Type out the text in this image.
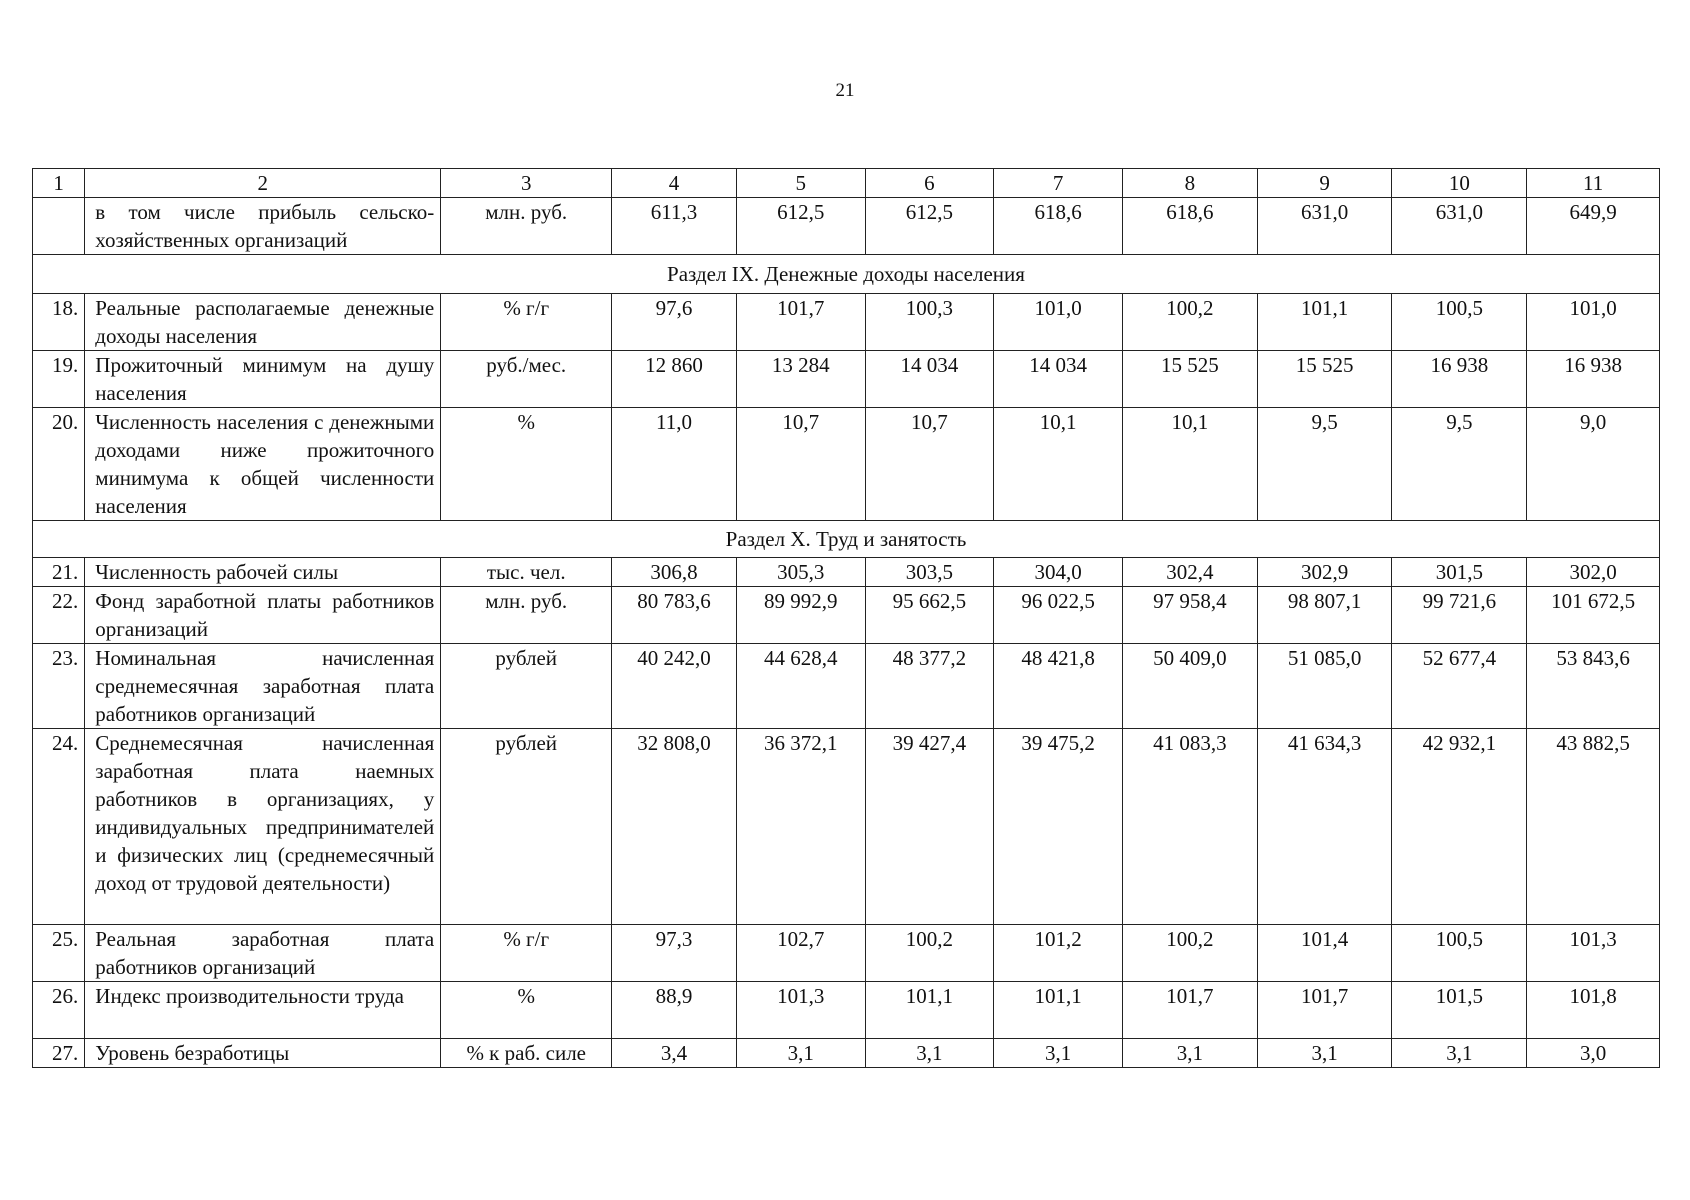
21
1	2	3	4	5	6	7	8	9	10	11
	в том числе прибыль сельско-хозяйственных организаций	млн. руб.	611,3	612,5	612,5	618,6	618,6	631,0	631,0	649,9
Раздел IX. Денежные доходы населения										
18.	Реальные располагаемые денежные доходы населения	% г/г	97,6	101,7	100,3	101,0	100,2	101,1	100,5	101,0
19.	Прожиточный минимум на душу населения	руб./мес.	12 860	13 284	14 034	14 034	15 525	15 525	16 938	16 938
20.	Численность населения с денежными доходами ниже прожиточного минимума к общей численности населения	%	11,0	10,7	10,7	10,1	10,1	9,5	9,5	9,0
Раздел X. Труд и занятость										
21.	Численность рабочей силы	тыс. чел.	306,8	305,3	303,5	304,0	302,4	302,9	301,5	302,0
22.	Фонд заработной платы работников организаций	млн. руб.	80 783,6	89 992,9	95 662,5	96 022,5	97 958,4	98 807,1	99 721,6	101 672,5
23.	Номинальная начисленная среднемесячная заработная плата работников организаций	рублей	40 242,0	44 628,4	48 377,2	48 421,8	50 409,0	51 085,0	52 677,4	53 843,6
24.	Среднемесячная начисленная заработная плата наемных работников в организациях, у индивидуальных предпринимателей и физических лиц (среднемесячный доход от трудовой деятельности)	рублей	32 808,0	36 372,1	39 427,4	39 475,2	41 083,3	41 634,3	42 932,1	43 882,5
25.	Реальная заработная плата работников организаций	% г/г	97,3	102,7	100,2	101,2	100,2	101,4	100,5	101,3
26.	Индекс производительности труда	%	88,9	101,3	101,1	101,1	101,7	101,7	101,5	101,8
27.	Уровень безработицы	% к раб. силе	3,4	3,1	3,1	3,1	3,1	3,1	3,1	3,0
